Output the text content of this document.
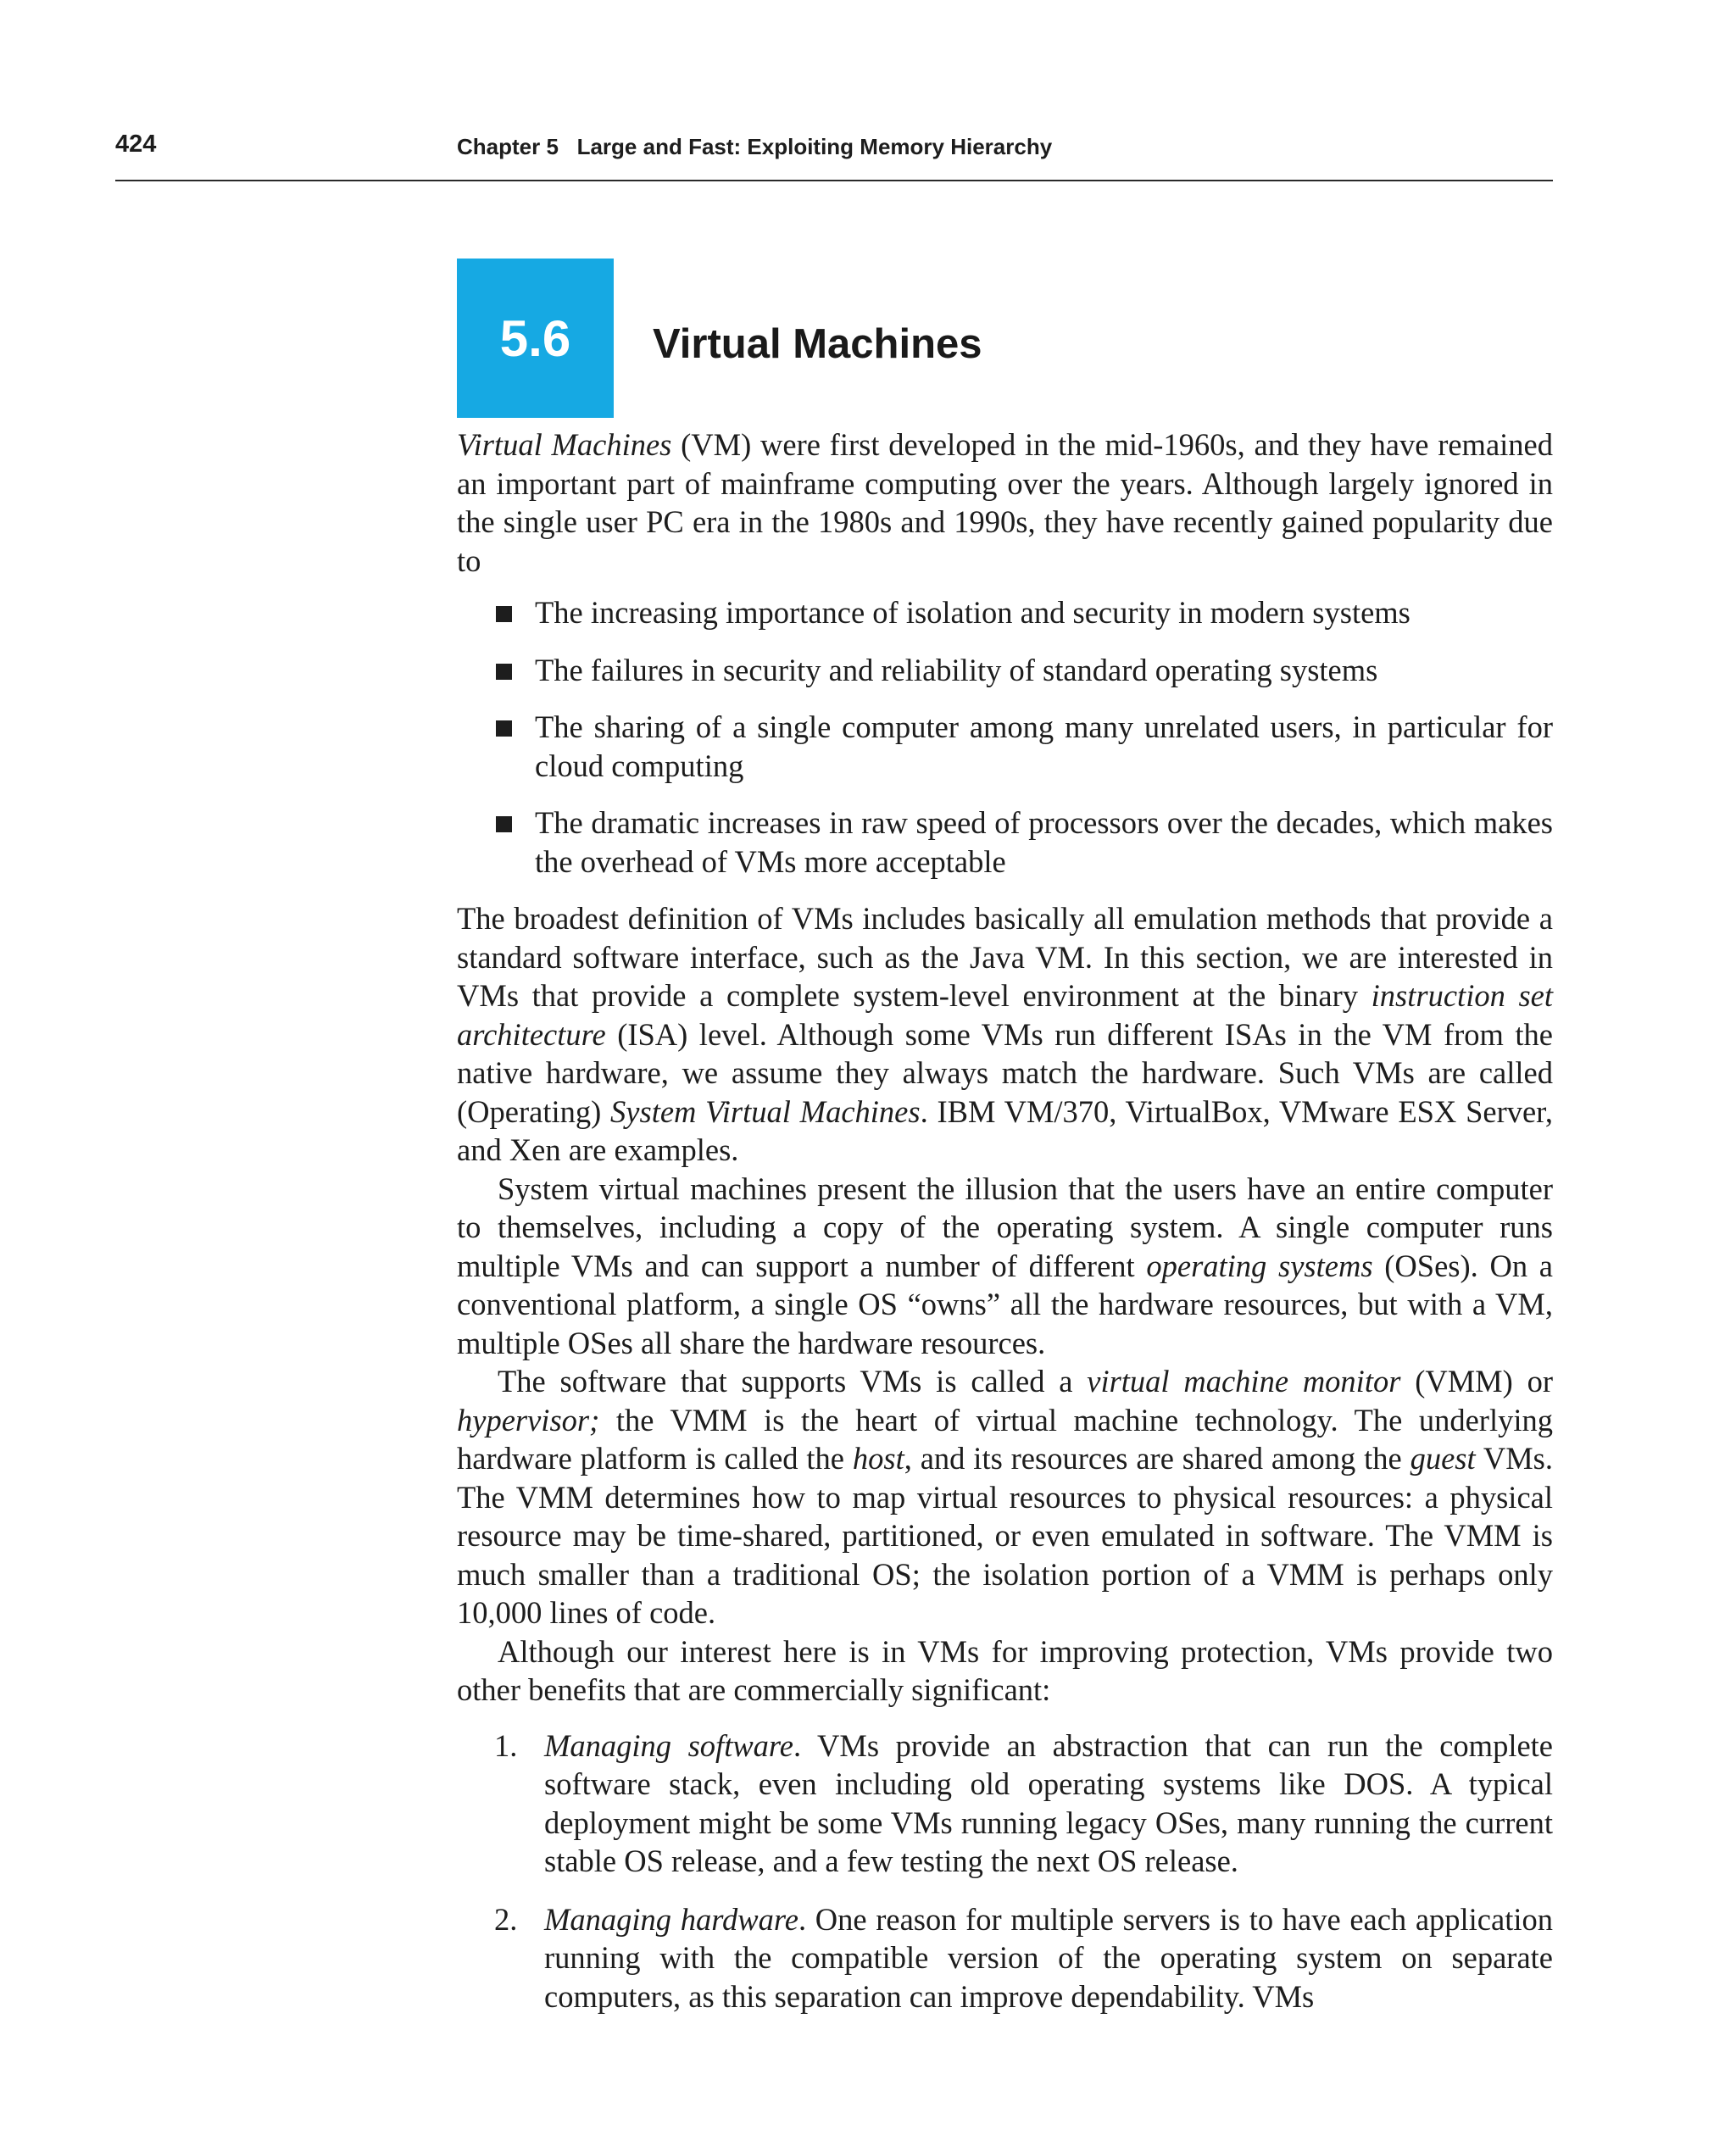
424	Chapter 5   Large and Fast: Exploiting Memory Hierarchy
5.6	Virtual Machines

Virtual Machines (VM) were first developed in the mid-1960s, and they have remained an important part of mainframe computing over the years. Although largely ignored in the single user PC era in the 1980s and 1990s, they have recently gained popularity due to

The increasing importance of isolation and security in modern systems
The failures in security and reliability of standard operating systems
The sharing of a single computer among many unrelated users, in particular for cloud computing
The dramatic increases in raw speed of processors over the decades, which makes the overhead of VMs more acceptable

The broadest definition of VMs includes basically all emulation methods that provide a standard software interface, such as the Java VM. In this section, we are interested in VMs that provide a complete system-level environment at the binary instruction set architecture (ISA) level. Although some VMs run different ISAs in the VM from the native hardware, we assume they always match the hardware. Such VMs are called (Operating) System Virtual Machines. IBM VM/370, VirtualBox, VMware ESX Server, and Xen are examples.

System virtual machines present the illusion that the users have an entire computer to themselves, including a copy of the operating system. A single computer runs multiple VMs and can support a number of different operating systems (OSes). On a conventional platform, a single OS “owns” all the hardware resources, but with a VM, multiple OSes all share the hardware resources.

The software that supports VMs is called a virtual machine monitor (VMM) or hypervisor; the VMM is the heart of virtual machine technology. The underlying hardware platform is called the host, and its resources are shared among the guest VMs. The VMM determines how to map virtual resources to physical resources: a physical resource may be time-shared, partitioned, or even emulated in software. The VMM is much smaller than a traditional OS; the isolation portion of a VMM is perhaps only 10,000 lines of code.

Although our interest here is in VMs for improving protection, VMs provide two other benefits that are commercially significant:

1. Managing software. VMs provide an abstraction that can run the complete software stack, even including old operating systems like DOS. A typical deployment might be some VMs running legacy OSes, many running the current stable OS release, and a few testing the next OS release.
2. Managing hardware. One reason for multiple servers is to have each application running with the compatible version of the operating system on separate computers, as this separation can improve dependability. VMs
